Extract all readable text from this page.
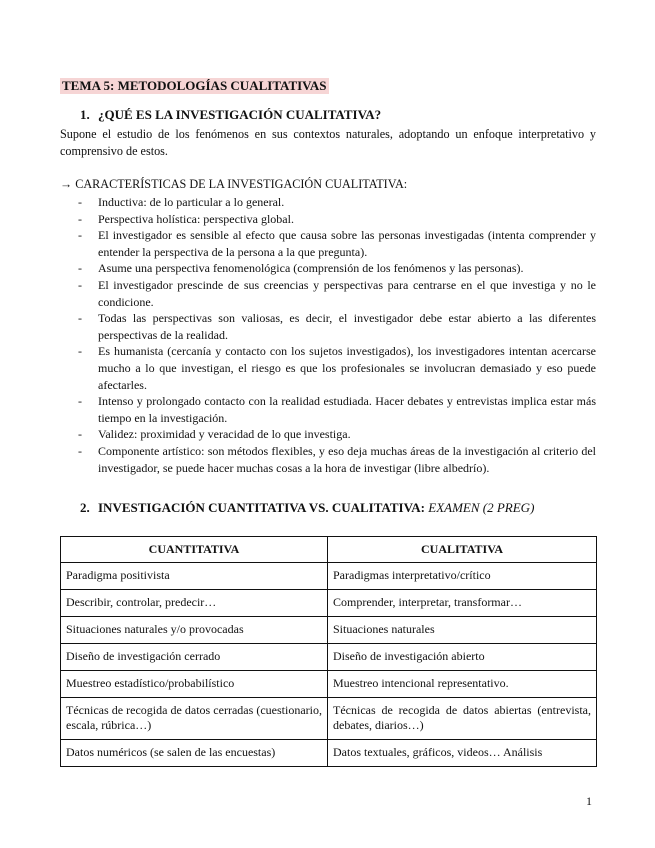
TEMA 5: METODOLOGÍAS CUALITATIVAS
1. ¿QUÉ ES LA INVESTIGACIÓN CUALITATIVA?
Supone el estudio de los fenómenos en sus contextos naturales, adoptando un enfoque interpretativo y comprensivo de estos.
→ CARACTERÍSTICAS DE LA INVESTIGACIÓN CUALITATIVA:
- Inductiva: de lo particular a lo general.
- Perspectiva holística: perspectiva global.
- El investigador es sensible al efecto que causa sobre las personas investigadas (intenta comprender y entender la perspectiva de la persona a la que pregunta).
- Asume una perspectiva fenomenológica (comprensión de los fenómenos y las personas).
- El investigador prescinde de sus creencias y perspectivas para centrarse en el que investiga y no le condicione.
- Todas las perspectivas son valiosas, es decir, el investigador debe estar abierto a las diferentes perspectivas de la realidad.
- Es humanista (cercanía y contacto con los sujetos investigados), los investigadores intentan acercarse mucho a lo que investigan, el riesgo es que los profesionales se involucran demasiado y eso puede afectarles.
- Intenso y prolongado contacto con la realidad estudiada. Hacer debates y entrevistas implica estar más tiempo en la investigación.
- Validez: proximidad y veracidad de lo que investiga.
- Componente artístico: son métodos flexibles, y eso deja muchas áreas de la investigación al criterio del investigador, se puede hacer muchas cosas a la hora de investigar (libre albedrío).
2. INVESTIGACIÓN CUANTITATIVA VS. CUALITATIVA: EXAMEN (2 PREG)
CUANTITATIVA	CUALITATIVA
Paradigma positivista	Paradigmas interpretativo/crítico
Describir, controlar, predecir…	Comprender, interpretar, transformar…
Situaciones naturales y/o provocadas	Situaciones naturales
Diseño de investigación cerrado	Diseño de investigación abierto
Muestreo estadístico/probabilístico	Muestreo intencional representativo.
Técnicas de recogida de datos cerradas (cuestionario, escala, rúbrica…)	Técnicas de recogida de datos abiertas (entrevista, debates, diarios…)
Datos numéricos (se salen de las encuestas)	Datos textuales, gráficos, videos… Análisis
1
